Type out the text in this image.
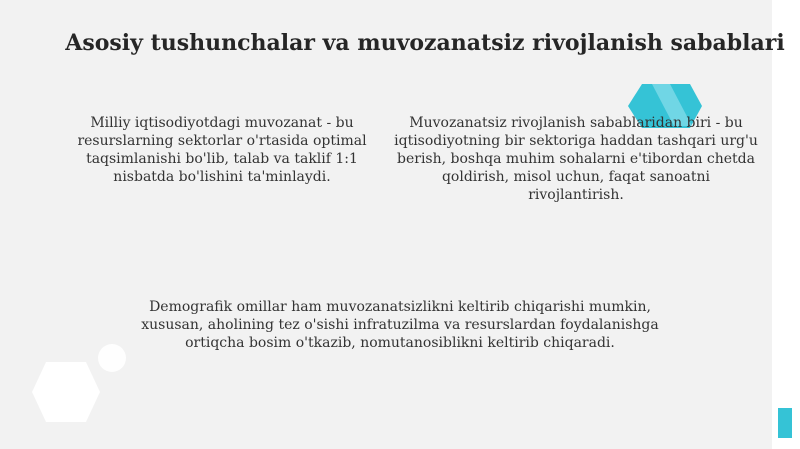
Asosiy tushunchalar va muvozanatsiz rivojlanish sabablari

Milliy iqtisodiyotdagi muvozanat - bu resurslarning sektorlar o'rtasida optimal taqsimlanishi bo'lib, talab va taklif 1:1 nisbatda bo'lishini ta'minlaydi.

Muvozanatsiz rivojlanish sabablaridan biri - bu iqtisodiyotning bir sektoriga haddan tashqari urg'u berish, boshqa muhim sohalarni e'tibordan chetda qoldirish, misol uchun, faqat sanoatni rivojlantirish.

Demografik omillar ham muvozanatsizlikni keltirib chiqarishi mumkin, xususan, aholining tez o'sishi infratuzilma va resurslardan foydalanishga ortiqcha bosim o'tkazib, nomutanosiblikni keltirib chiqaradi.
